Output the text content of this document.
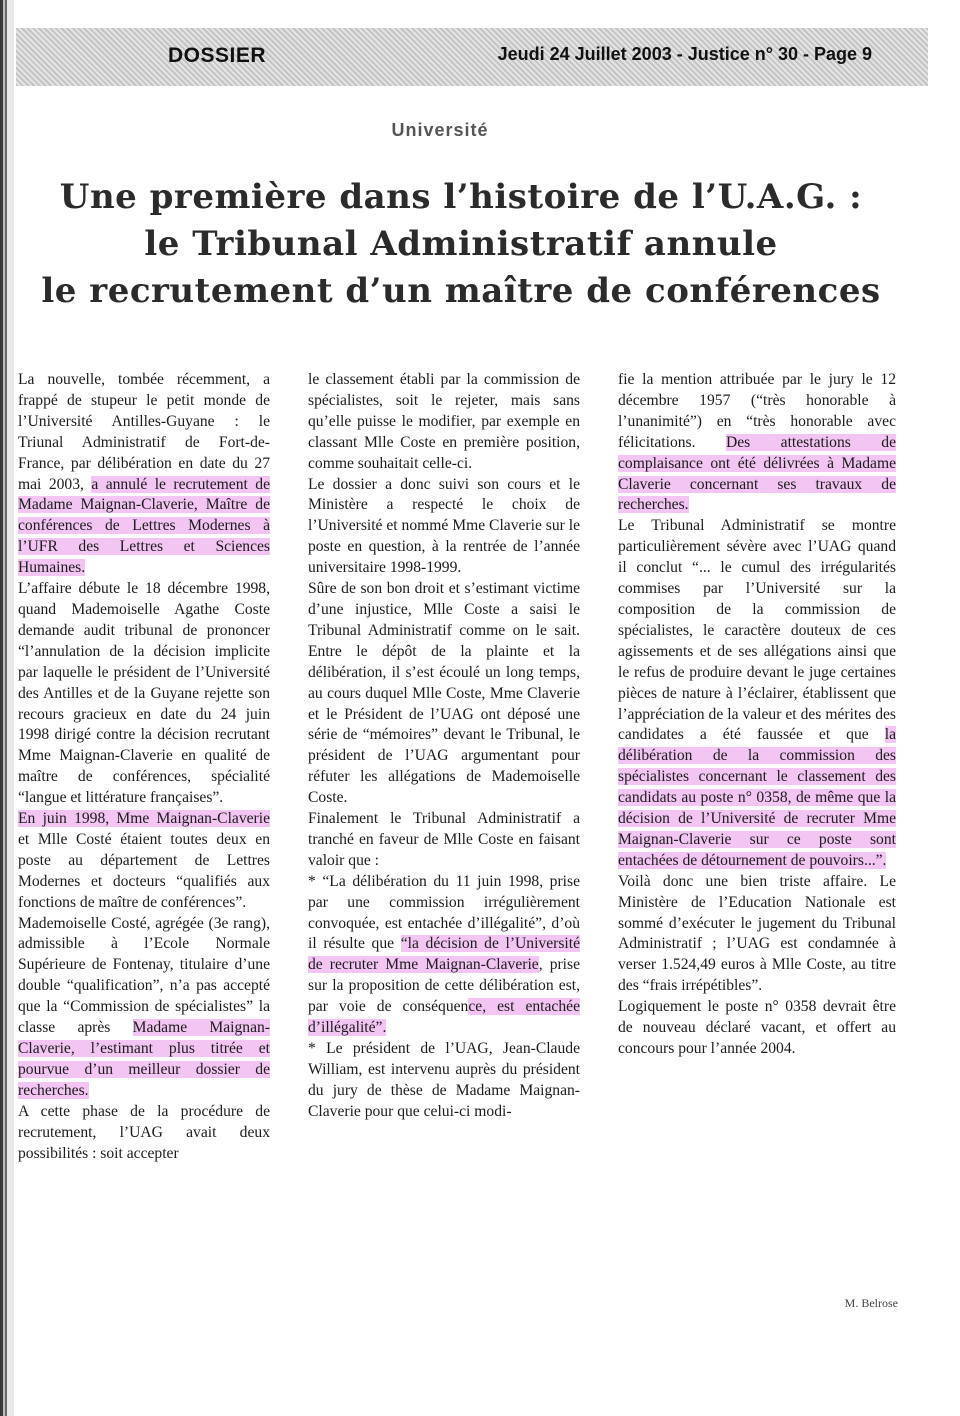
DOSSIER	Jeudi 24 Juillet 2003 - Justice n° 30 - Page 9
Université
Une première dans l’histoire de l’U.A.G. :
le Tribunal Administratif annule
le recrutement d’un maître de conférences

La nouvelle, tombée récemment, a frappé de stupeur le petit monde de l’Université Antilles-Guyane : le Triunal Administratif de Fort-de-France, par délibération en date du 27 mai 2003, a annulé le recrutement de Madame Maignan-Claverie, Maître de conférences de Lettres Modernes à l’UFR des Lettres et Sciences Humaines.

L’affaire débute le 18 décembre 1998, quand Mademoiselle Agathe Coste demande audit tribunal de prononcer “l’annulation de la décision implicite par laquelle le président de l’Université des Antilles et de la Guyane rejette son recours gracieux en date du 24 juin 1998 dirigé contre la décision recrutant Mme Maignan-Claverie en qualité de maître de conférences, spécialité “langue et littérature françaises”.

En juin 1998, Mme Maignan-Claverie et Mlle Costé étaient toutes deux en poste au département de Lettres Modernes et docteurs “qualifiés aux fonctions de maître de conférences”.

Mademoiselle Costé, agrégée (3e rang), admissible à l’Ecole Normale Supérieure de Fontenay, titulaire d’une double “qualification”, n’a pas accepté que la “Commission de spécialistes” la classe après Madame Maignan-Claverie, l’estimant plus titrée et pourvue d’un meilleur dossier de recherches.

A cette phase de la procédure de recrutement, l’UAG avait deux possibilités : soit accepter

le classement établi par la commission de spécialistes, soit le rejeter, mais sans qu’elle puisse le modifier, par exemple en classant Mlle Coste en première position, comme souhaitait celle-ci.

Le dossier a donc suivi son cours et le Ministère a respecté le choix de l’Université et nommé Mme Claverie sur le poste en question, à la rentrée de l’année universitaire 1998-1999.

Sûre de son bon droit et s’estimant victime d’une injustice, Mlle Coste a saisi le Tribunal Administratif comme on le sait. Entre le dépôt de la plainte et la délibération, il s’est écoulé un long temps, au cours duquel Mlle Coste, Mme Claverie et le Président de l’UAG ont déposé une série de “mémoires” devant le Tribunal, le président de l’UAG argumentant pour réfuter les allégations de Mademoiselle Coste.

Finalement le Tribunal Administratif a tranché en faveur de Mlle Coste en faisant valoir que :

* “La délibération du 11 juin 1998, prise par une commission irrégulièrement convoquée, est entachée d’illégalité”, d’où il résulte que “la décision de l’Université de recruter Mme Maignan-Claverie, prise sur la proposition de cette délibération est, par voie de conséquence, est entachée d’illégalité”.

* Le président de l’UAG, Jean-Claude William, est intervenu auprès du président du jury de thèse de Madame Maignan-Claverie pour que celui-ci modi-

fie la mention attribuée par le jury le 12 décembre 1957 (“très honorable à l’unanimité”) en “très honorable avec félicitations. Des attestations de complaisance ont été délivrées à Madame Claverie concernant ses travaux de recherches.

Le Tribunal Administratif se montre particulièrement sévère avec l’UAG quand il conclut “... le cumul des irrégularités commises par l’Université sur la composition de la commission de spécialistes, le caractère douteux de ces agissements et de ses allégations ainsi que le refus de produire devant le juge certaines pièces de nature à l’éclairer, établissent que l’appréciation de la valeur et des mérites des candidates a été faussée et que la délibération de la commission des spécialistes concernant le classement des candidats au poste n° 0358, de même que la décision de l’Université de recruter Mme Maignan-Claverie sur ce poste sont entachées de détournement de pouvoirs...”.

Voilà donc une bien triste affaire. Le Ministère de l’Education Nationale est sommé d’exécuter le jugement du Tribunal Administratif ; l’UAG est condamnée à verser 1.524,49 euros à Mlle Coste, au titre des “frais irrépétibles”.

Logiquement le poste n° 0358 devrait être de nouveau déclaré vacant, et offert au concours pour l’année 2004.

M. Belrose
